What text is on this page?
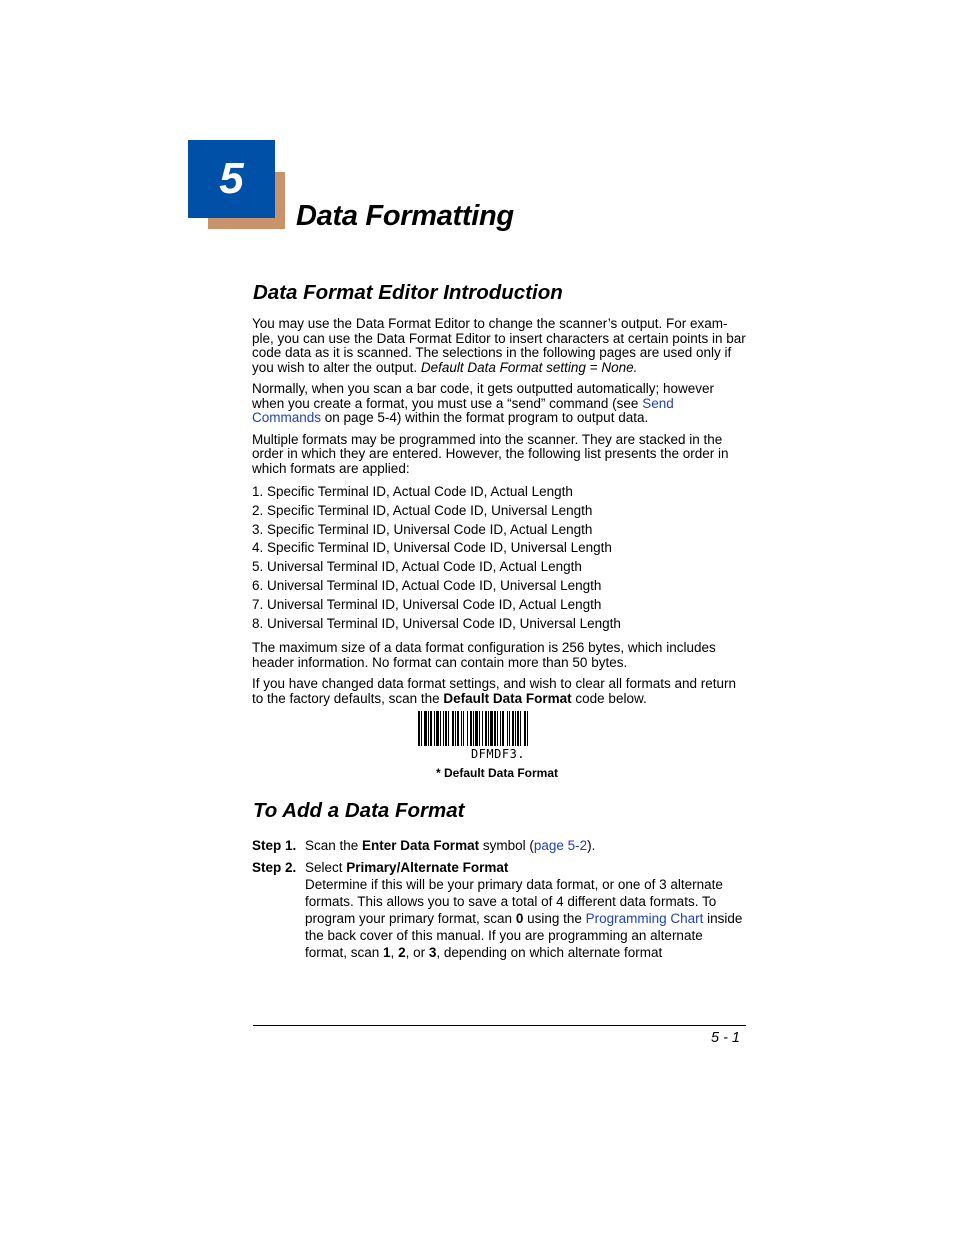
5
Data Formatting
Data Format Editor Introduction

You may use the Data Format Editor to change the scanner’s output. For exam-ple, you can use the Data Format Editor to insert characters at certain points in bar code data as it is scanned. The selections in the following pages are used only if you wish to alter the output. Default Data Format setting = None.

Normally, when you scan a bar code, it gets outputted automatically; however when you create a format, you must use a “send” command (see Send Commands on page 5-4) within the format program to output data.

Multiple formats may be programmed into the scanner. They are stacked in the order in which they are entered. However, the following list presents the order in which formats are applied:

1. Specific Terminal ID, Actual Code ID, Actual Length
2. Specific Terminal ID, Actual Code ID, Universal Length
3. Specific Terminal ID, Universal Code ID, Actual Length
4. Specific Terminal ID, Universal Code ID, Universal Length
5. Universal Terminal ID, Actual Code ID, Actual Length
6. Universal Terminal ID, Actual Code ID, Universal Length
7. Universal Terminal ID, Universal Code ID, Actual Length
8. Universal Terminal ID, Universal Code ID, Universal Length

The maximum size of a data format configuration is 256 bytes, which includes header information. No format can contain more than 50 bytes.

If you have changed data format settings, and wish to clear all formats and return to the factory defaults, scan the Default Data Format code below.

DFMDF3.
* Default Data Format
To Add a Data Format
Step 1. Scan the Enter Data Format symbol (page 5-2).
Step 2. Select Primary/Alternate Format
Determine if this will be your primary data format, or one of 3 alternate formats. This allows you to save a total of 4 different data formats. To program your primary format, scan 0 using the Programming Chart inside the back cover of this manual. If you are programming an alternate format, scan 1, 2, or 3, depending on which alternate format
5 - 1
